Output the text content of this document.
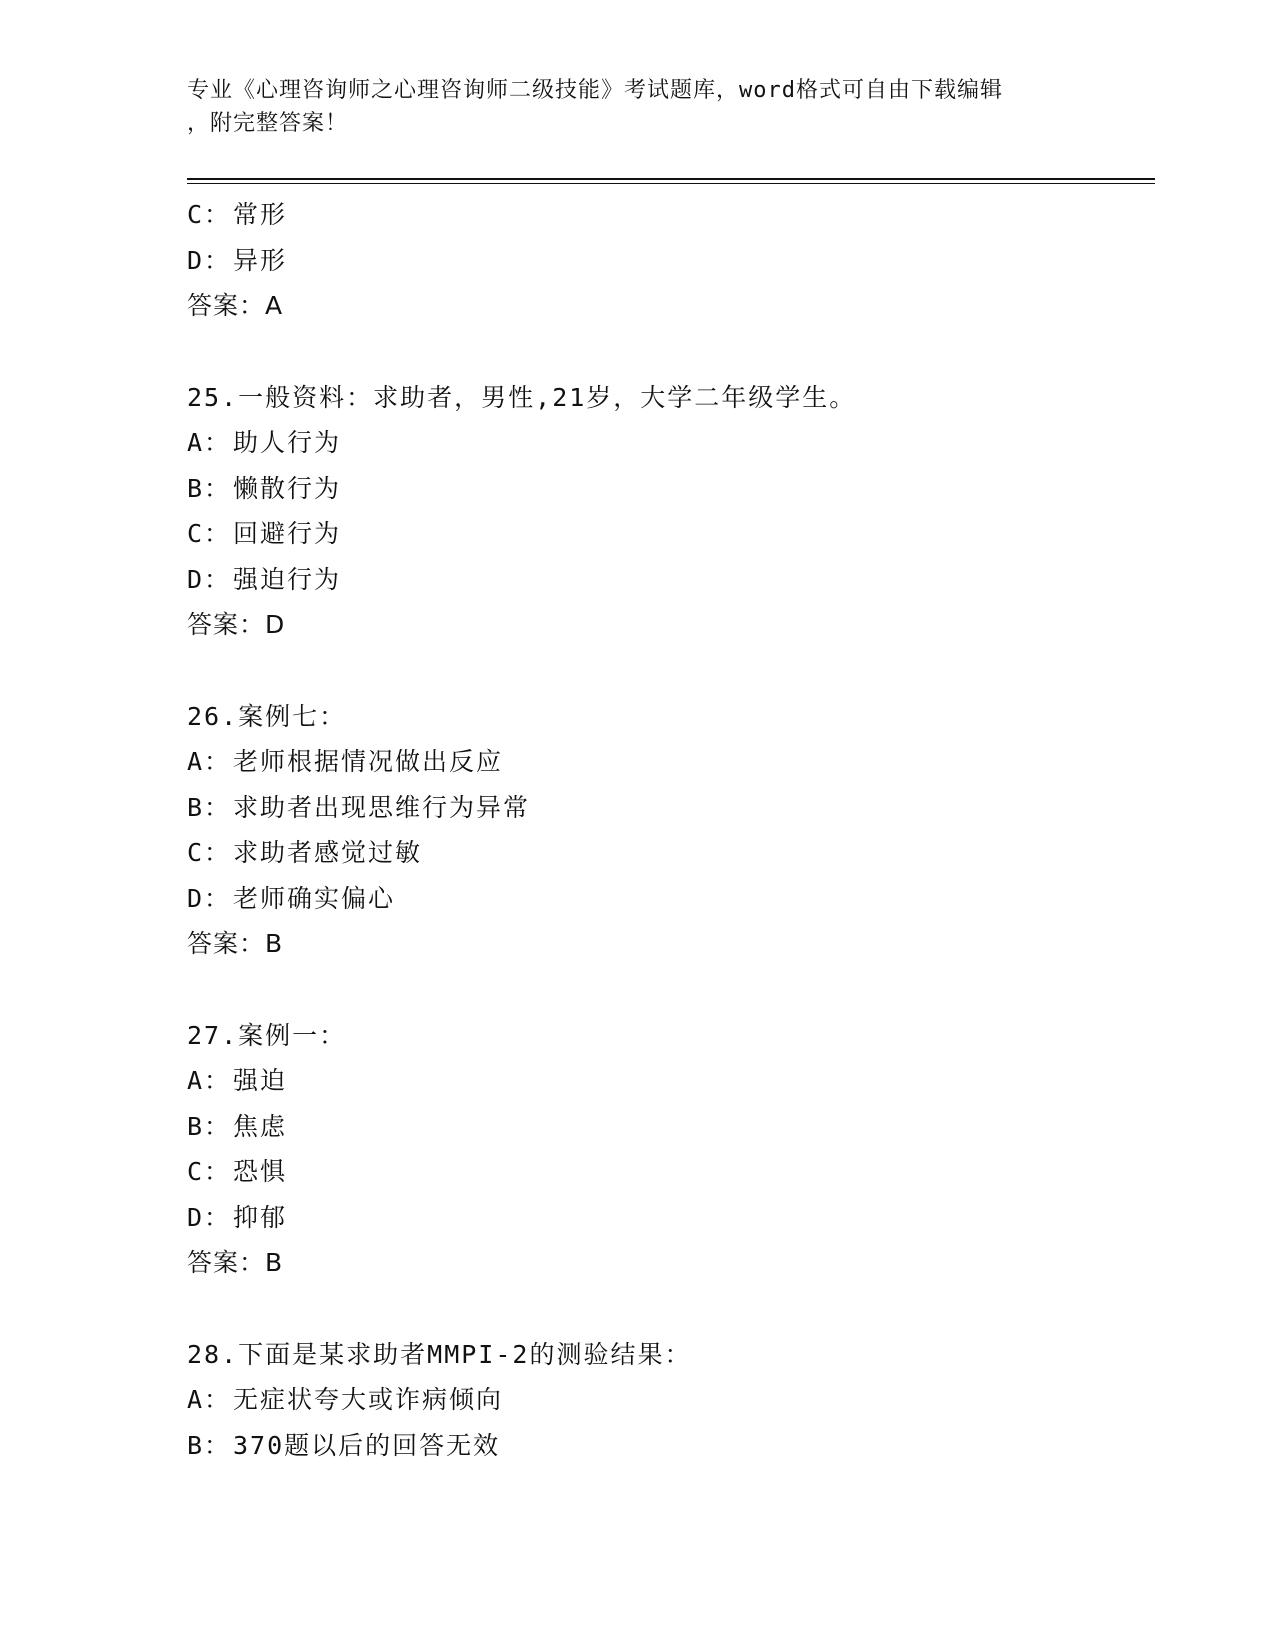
专业《心理咨询师之心理咨询师二级技能》考试题库，word格式可自由下载编辑
，附完整答案！
C：常形
D：异形
答案：A
25.一般资料：求助者，男性,21岁，大学二年级学生。
A：助人行为
B：懒散行为
C：回避行为
D：强迫行为
答案：D
26.案例七：
A：老师根据情况做出反应
B：求助者出现思维行为异常
C：求助者感觉过敏
D：老师确实偏心
答案：B
27.案例一：
A：强迫
B：焦虑
C：恐惧
D：抑郁
答案：B
28.下面是某求助者MMPI-2的测验结果：
A：无症状夸大或诈病倾向
B：370题以后的回答无效
